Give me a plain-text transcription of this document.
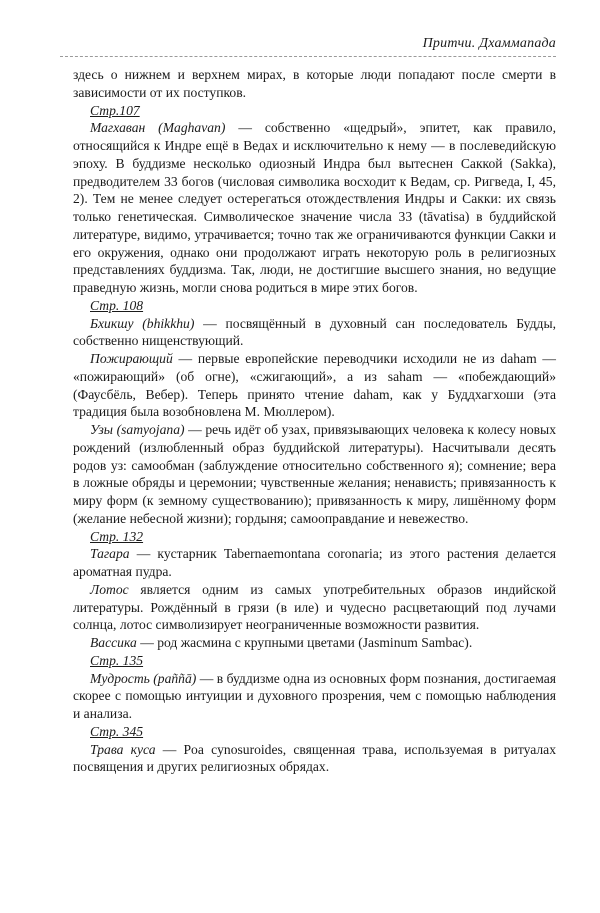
Притчи. Дхаммапада

здесь о нижнем и верхнем мирах, в которые люди попадают после смерти в зависимости от их поступков.

Стр.107

Магхаван (Maghavan) — собственно «щедрый», эпитет, как правило, относящийся к Индре ещё в Ведах и исключительно к нему — в послеведийскую эпоху. В буддизме несколько одиозный Индра был вытеснен Саккой (Sakka), предводителем 33 богов (числовая символика восходит к Ведам, ср. Ригведа, I, 45, 2). Тем не менее следует остерегаться отождествления Индры и Сакки: их связь только генетическая. Символическое значение числа 33 (tāvatisa) в буддийской литературе, видимо, утрачивается; точно так же ограничиваются функции Сакки и его окружения, однако они продолжают играть некоторую роль в религиозных представлениях буддизма. Так, люди, не достигшие высшего знания, но ведущие праведную жизнь, могли снова родиться в мире этих богов.

Стр. 108

Бхикшу (bhikkhu) — посвящённый в духовный сан последователь Будды, собственно нищенствующий.

Пожирающий — первые европейские переводчики исходили не из daham — «пожирающий» (об огне), «сжигающий», а из saham — «побеждающий» (Фаусбёль, Вебер). Теперь принято чтение daham, как у Буддхагхоши (эта традиция была возобновлена М. Мюллером).

Узы (samyojana) — речь идёт об узах, привязывающих человека к колесу новых рождений (излюбленный образ буддийской литературы). Насчитывали десять родов уз: самообман (заблуждение относительно собственного я); сомнение; вера в ложные обряды и церемонии; чувственные желания; ненависть; привязанность к миру форм (к земному существованию); привязанность к миру, лишённому форм (желание небесной жизни); гордыня; самооправдание и невежество.

Стр. 132

Тагара — кустарник Tabernaemontana coronaria; из этого растения делается ароматная пудра.

Лотос является одним из самых употребительных образов индийской литературы. Рождённый в грязи (в иле) и чудесно расцветающий под лучами солнца, лотос символизирует неограниченные возможности развития.

Вассика — род жасмина с крупными цветами (Jasminum Sambac).

Стр. 135

Мудрость (paññā) — в буддизме одна из основных форм познания, достигаемая скорее с помощью интуиции и духовного прозрения, чем с помощью наблюдения и анализа.

Стр. 345

Трава куса — Poa cynosuroides, священная трава, используемая в ритуалах посвящения и других религиозных обрядах.
